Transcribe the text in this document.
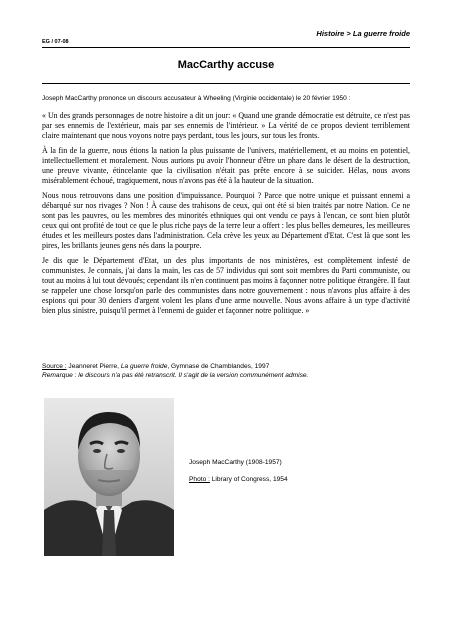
EG / 07-08
Histoire > La guerre froide
MacCarthy accuse
Joseph MacCarthy prononce un discours accusateur à Wheeling (Virginie occidentale) le 20 février 1950 :

« Un des grands personnages de notre histoire a dit un jour: « Quand une grande démocratie est détruite, ce n'est pas par ses ennemis de l'extérieur, mais par ses ennemis de l'intérieur. » La vérité de ce propos devient terriblement claire maintenant que nous voyons notre pays perdant, tous les jours, sur tous les fronts.

À la fin de la guerre, nous étions la nation la plus puissante de l'univers, matériellement, et au moins en potentiel, intellectuellement et moralement. Nous aurions pu avoir l'honneur d'être un phare dans le désert de la destruction, une preuve vivante, étincelante que la civilisation n'était pas prête encore à se suicider. Hélas, nous avons misérablement échoué, tragiquement, nous n'avons pas été à la hauteur de la situation.

Nous nous retrouvons dans une position d'impuissance. Pourquoi ? Parce que notre unique et puissant ennemi a débarqué sur nos rivages ? Non ! À cause des trahisons de ceux, qui ont été si bien traités par notre Nation. Ce ne sont pas les pauvres, ou les membres des minorités ethniques qui ont vendu ce pays à l'encan, ce sont bien plutôt ceux qui ont profité de tout ce que le plus riche pays de la terre leur a offert : les plus belles demeures, les meilleures études et les meilleurs postes dans l'administration. Cela crève les yeux au Département d'Etat. C'est là que sont les pires, les brillants jeunes gens nés dans la pourpre.

Je dis que le Département d'Etat, un des plus importants de nos ministères, est complètement infesté de communistes. Je connais, j'ai dans la main, les cas de 57 individus qui sont soit membres du Parti communiste, ou tout au moins à lui tout dévoués; cependant ils n'en continuent pas moins à façonner notre politique étrangère. Il faut se rappeler une chose lorsqu'on parle des communistes dans notre gouvernement : nous n'avons plus affaire à des espions qui pour 30 deniers d'argent volent les plans d'une arme nouvelle. Nous avons affaire à un type d'activité bien plus sinistre, puisqu'il permet à l'ennemi de guider et façonner notre politique. »

Source : Jeanneret Pierre, La guerre froide, Gymnase de Chamblandes, 1997
Remarque : le discours n'a pas été retranscrit. Il s'agit de la version communément admise.
Joseph MacCarthy (1908-1957)
Photo : Library of Congress, 1954
